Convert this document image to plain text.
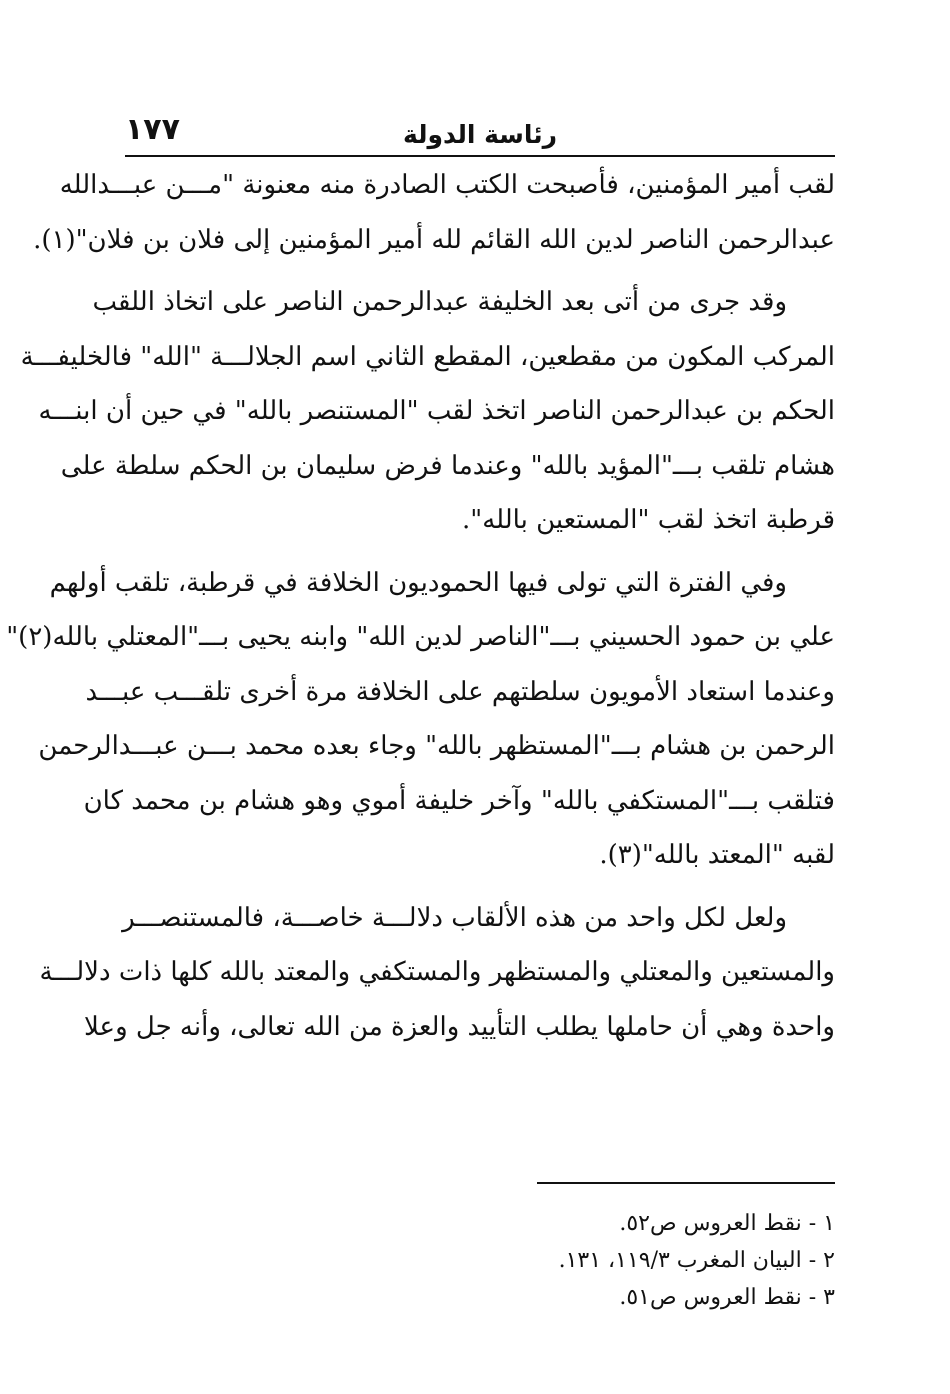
١٧٧	رئاسة الدولة
لقب أمير المؤمنين، فأصبحت الكتب الصادرة منه معنونة "مـــن عبـــدالله
عبدالرحمن الناصر لدين الله القائم لله أمير المؤمنين إلى فلان بن فلان"(١).
وقد جرى من أتى بعد الخليفة عبدالرحمن الناصر على اتخاذ اللقب
المركب المكون من مقطعين، المقطع الثاني اسم الجلالـــة "الله" فالخليفـــة
الحكم بن عبدالرحمن الناصر اتخذ لقب "المستنصر بالله" في حين أن ابنـــه
هشام تلقب بـــ"المؤيد بالله" وعندما فرض سليمان بن الحكم سلطة على
قرطبة اتخذ لقب "المستعين بالله".
وفي الفترة التي تولى فيها الحموديون الخلافة في قرطبة، تلقب أولهم
علي بن حمود الحسيني بـــ"الناصر لدين الله" وابنه يحيى بـــ"المعتلي بالله(٢)"
وعندما استعاد الأمويون سلطتهم على الخلافة مرة أخرى تلقـــب عبـــد
الرحمن بن هشام بـــ"المستظهر بالله" وجاء بعده محمد بـــن عبـــدالرحمن
فتلقب بـــ"المستكفي بالله" وآخر خليفة أموي وهو هشام بن محمد كان
لقبه "المعتد بالله"(٣).
ولعل لكل واحد من هذه الألقاب دلالـــة خاصـــة، فالمستنصـــر
والمستعين والمعتلي والمستظهر والمستكفي والمعتد بالله كلها ذات دلالـــة
واحدة وهي أن حاملها يطلب التأييد والعزة من الله تعالى، وأنه جل وعلا
١ - نقط العروس ص٥٢.
٢ - البيان المغرب ١١٩/٣، ١٣١.
٣ - نقط العروس ص٥١.
